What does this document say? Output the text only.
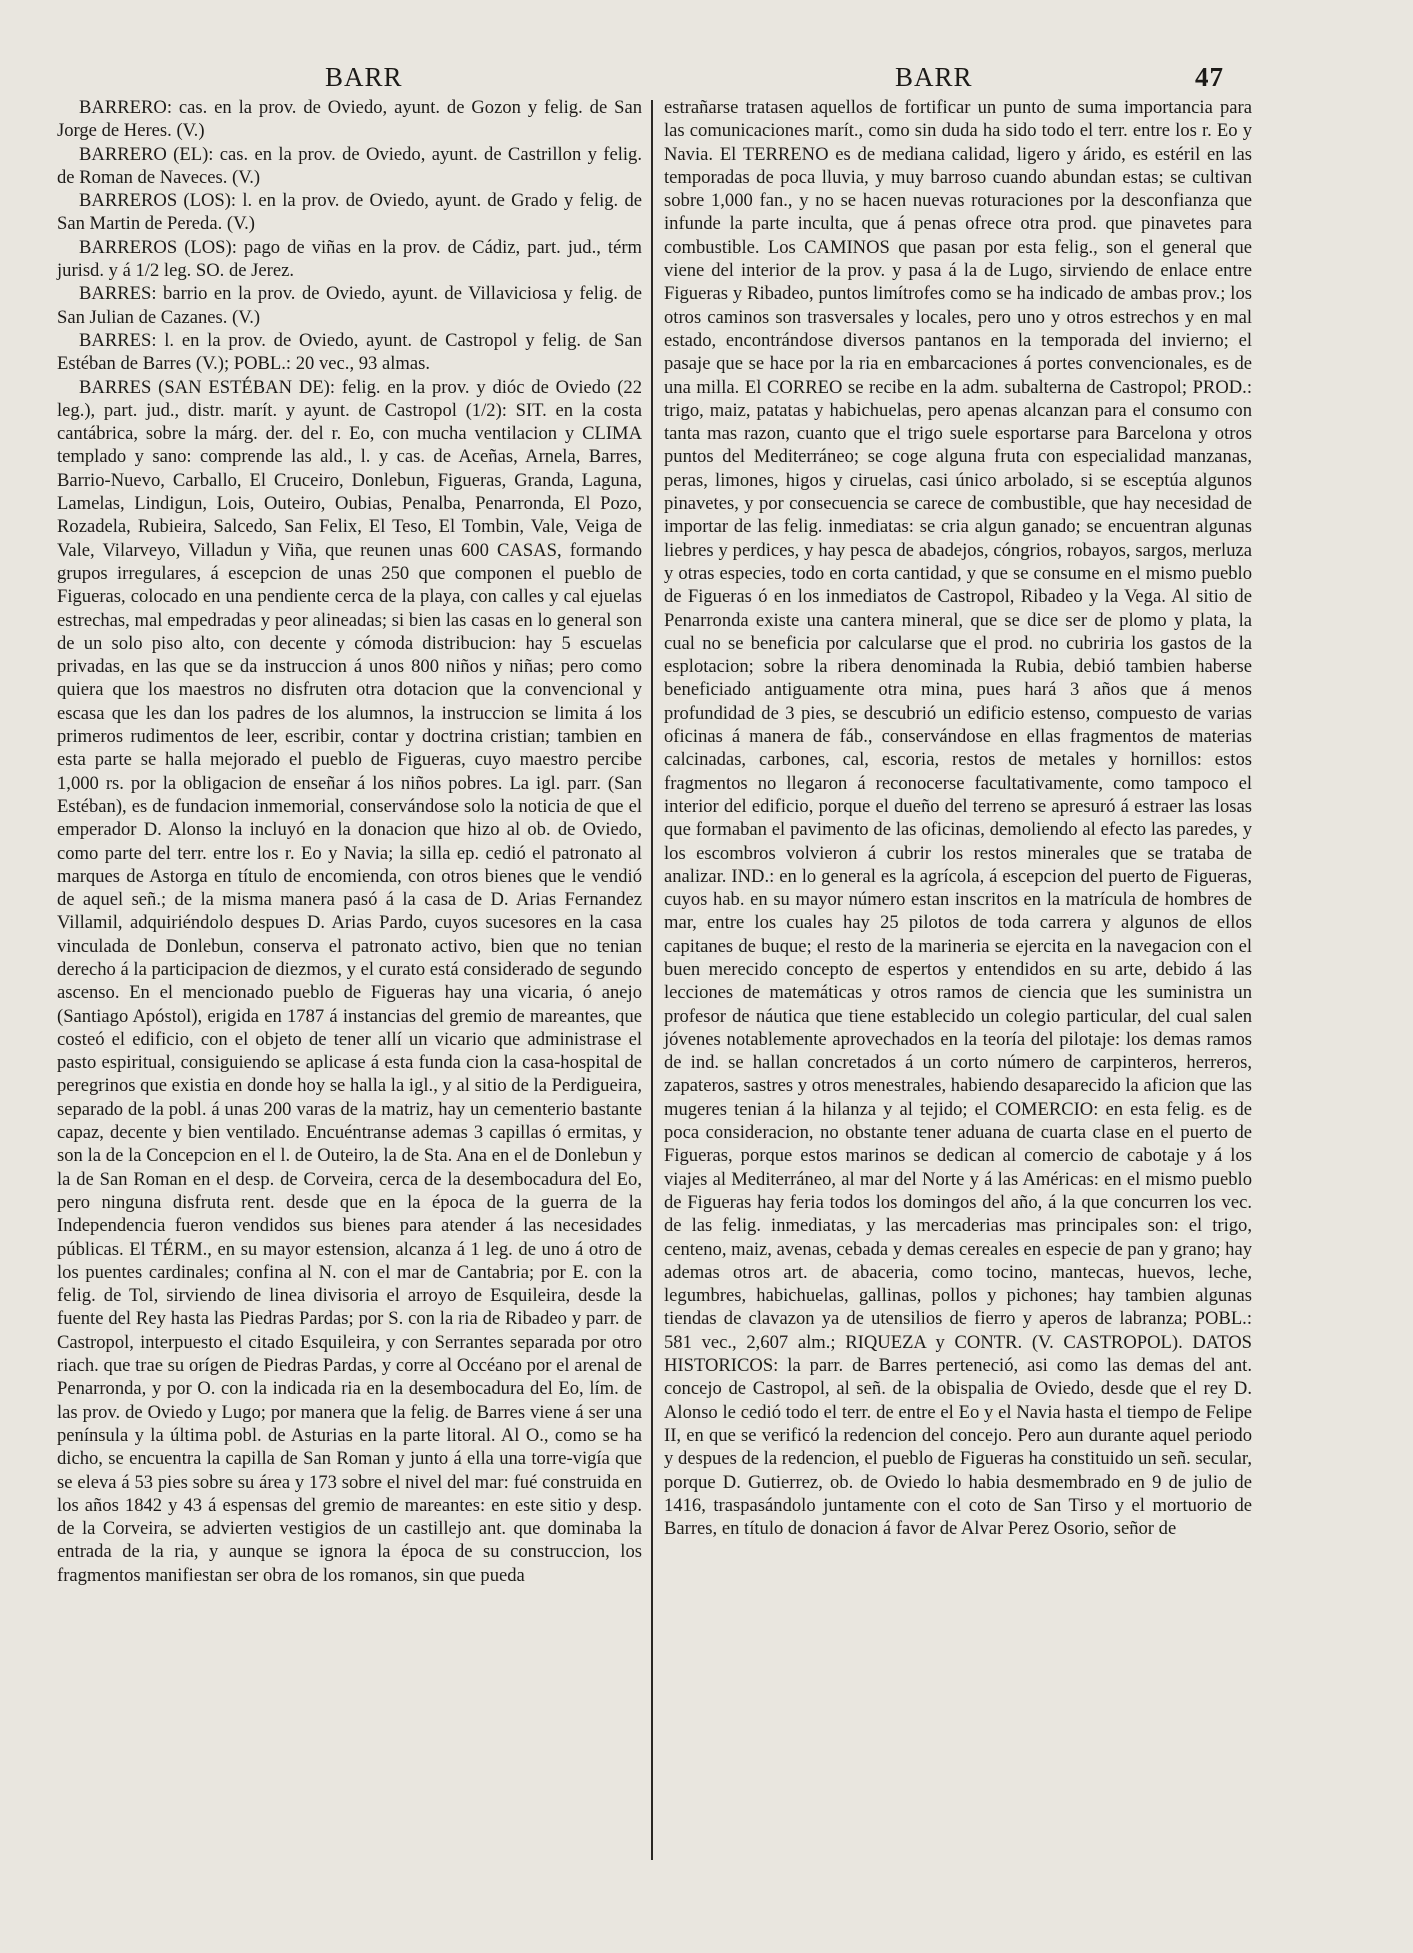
BARR	BARR	47

BARRERO: cas. en la prov. de Oviedo, ayunt. de Gozon y felig. de San Jorge de Heres. (V.)

BARRERO (EL): cas. en la prov. de Oviedo, ayunt. de Castrillon y felig. de Roman de Naveces. (V.)

BARREROS (LOS): l. en la prov. de Oviedo, ayunt. de Grado y felig. de San Martin de Pereda. (V.)

BARREROS (LOS): pago de viñas en la prov. de Cádiz, part. jud., térm jurisd. y á 1/2 leg. SO. de Jerez.

BARRES: barrio en la prov. de Oviedo, ayunt. de Villaviciosa y felig. de San Julian de Cazanes. (V.)

BARRES: l. en la prov. de Oviedo, ayunt. de Castropol y felig. de San Estéban de Barres (V.); POBL.: 20 vec., 93 almas.

BARRES (SAN ESTÉBAN DE): felig. en la prov. y dióc de Oviedo (22 leg.), part. jud., distr. marít. y ayunt. de Castropol (1/2): SIT. en la costa cantábrica, sobre la márg. der. del r. Eo, con mucha ventilacion y CLIMA templado y sano: comprende las ald., l. y cas. de Aceñas, Arnela, Barres, Barrio-Nuevo, Carballo, El Cruceiro, Donlebun, Figueras, Granda, Laguna, Lamelas, Lindigun, Lois, Outeiro, Oubias, Penalba, Penarronda, El Pozo, Rozadela, Rubieira, Salcedo, San Felix, El Teso, El Tombin, Vale, Veiga de Vale, Vilarveyo, Villadun y Viña, que reunen unas 600 CASAS, formando grupos irregulares, á escepcion de unas 250 que componen el pueblo de Figueras, colocado en una pendiente cerca de la playa, con calles y cal ejuelas estrechas, mal empedradas y peor alineadas; si bien las casas en lo general son de un solo piso alto, con decente y cómoda distribucion: hay 5 escuelas privadas, en las que se da instruccion á unos 800 niños y niñas; pero como quiera que los maestros no disfruten otra dotacion que la convencional y escasa que les dan los padres de los alumnos, la instruccion se limita á los primeros rudimentos de leer, escribir, contar y doctrina cristian; tambien en esta parte se halla mejorado el pueblo de Figueras, cuyo maestro percibe 1,000 rs. por la obligacion de enseñar á los niños pobres. La igl. parr. (San Estéban), es de fundacion inmemorial, conservándose solo la noticia de que el emperador D. Alonso la incluyó en la donacion que hizo al ob. de Oviedo, como parte del terr. entre los r. Eo y Navia; la silla ep. cedió el patronato al marques de Astorga en título de encomienda, con otros bienes que le vendió de aquel señ.; de la misma manera pasó á la casa de D. Arias Fernandez Villamil, adquiriéndolo despues D. Arias Pardo, cuyos sucesores en la casa vinculada de Donlebun, conserva el patronato activo, bien que no tenian derecho á la participacion de diezmos, y el curato está considerado de segundo ascenso. En el mencionado pueblo de Figueras hay una vicaria, ó anejo (Santiago Apóstol), erigida en 1787 á instancias del gremio de mareantes, que costeó el edificio, con el objeto de tener allí un vicario que administrase el pasto espiritual, consiguiendo se aplicase á esta funda cion la casa-hospital de peregrinos que existia en donde hoy se halla la igl., y al sitio de la Perdigueira, separado de la pobl. á unas 200 varas de la matriz, hay un cementerio bastante capaz, decente y bien ventilado. Encuéntranse ademas 3 capillas ó ermitas, y son la de la Concepcion en el l. de Outeiro, la de Sta. Ana en el de Donlebun y la de San Roman en el desp. de Corveira, cerca de la desembocadura del Eo, pero ninguna disfruta rent. desde que en la época de la guerra de la Independencia fueron vendidos sus bienes para atender á las necesidades públicas. El TÉRM., en su mayor estension, alcanza á 1 leg. de uno á otro de los puentes cardinales; confina al N. con el mar de Cantabria; por E. con la felig. de Tol, sirviendo de linea divisoria el arroyo de Esquileira, desde la fuente del Rey hasta las Piedras Pardas; por S. con la ria de Ribadeo y parr. de Castropol, interpuesto el citado Esquileira, y con Serrantes separada por otro riach. que trae su orígen de Piedras Pardas, y corre al Occéano por el arenal de Penarronda, y por O. con la indicada ria en la desembocadura del Eo, lím. de las prov. de Oviedo y Lugo; por manera que la felig. de Barres viene á ser una península y la última pobl. de Asturias en la parte litoral. Al O., como se ha dicho, se encuentra la capilla de San Roman y junto á ella una torre-vigía que se eleva á 53 pies sobre su área y 173 sobre el nivel del mar: fué construida en los años 1842 y 43 á espensas del gremio de mareantes: en este sitio y desp. de la Corveira, se advierten vestigios de un castillejo ant. que dominaba la entrada de la ria, y aunque se ignora la época de su construccion, los fragmentos manifiestan ser obra de los romanos, sin que pueda

estrañarse tratasen aquellos de fortificar un punto de suma importancia para las comunicaciones marít., como sin duda ha sido todo el terr. entre los r. Eo y Navia. El TERRENO es de mediana calidad, ligero y árido, es estéril en las temporadas de poca lluvia, y muy barroso cuando abundan estas; se cultivan sobre 1,000 fan., y no se hacen nuevas roturaciones por la desconfianza que infunde la parte inculta, que á penas ofrece otra prod. que pinavetes para combustible. Los CAMINOS que pasan por esta felig., son el general que viene del interior de la prov. y pasa á la de Lugo, sirviendo de enlace entre Figueras y Ribadeo, puntos limítrofes como se ha indicado de ambas prov.; los otros caminos son trasversales y locales, pero uno y otros estrechos y en mal estado, encontrándose diversos pantanos en la temporada del invierno; el pasaje que se hace por la ria en embarcaciones á portes convencionales, es de una milla. El CORREO se recibe en la adm. subalterna de Castropol; PROD.: trigo, maiz, patatas y habichuelas, pero apenas alcanzan para el consumo con tanta mas razon, cuanto que el trigo suele esportarse para Barcelona y otros puntos del Mediterráneo; se coge alguna fruta con especialidad manzanas, peras, limones, higos y ciruelas, casi único arbolado, si se esceptúa algunos pinavetes, y por consecuencia se carece de combustible, que hay necesidad de importar de las felig. inmediatas: se cria algun ganado; se encuentran algunas liebres y perdices, y hay pesca de abadejos, cóngrios, robayos, sargos, merluza y otras especies, todo en corta cantidad, y que se consume en el mismo pueblo de Figueras ó en los inmediatos de Castropol, Ribadeo y la Vega. Al sitio de Penarronda existe una cantera mineral, que se dice ser de plomo y plata, la cual no se beneficia por calcularse que el prod. no cubriria los gastos de la esplotacion; sobre la ribera denominada la Rubia, debió tambien haberse beneficiado antiguamente otra mina, pues hará 3 años que á menos profundidad de 3 pies, se descubrió un edificio estenso, compuesto de varias oficinas á manera de fáb., conservándose en ellas fragmentos de materias calcinadas, carbones, cal, escoria, restos de metales y hornillos: estos fragmentos no llegaron á reconocerse facultativamente, como tampoco el interior del edificio, porque el dueño del terreno se apresuró á estraer las losas que formaban el pavimento de las oficinas, demoliendo al efecto las paredes, y los escombros volvieron á cubrir los restos minerales que se trataba de analizar. IND.: en lo general es la agrícola, á escepcion del puerto de Figueras, cuyos hab. en su mayor número estan inscritos en la matrícula de hombres de mar, entre los cuales hay 25 pilotos de toda carrera y algunos de ellos capitanes de buque; el resto de la marineria se ejercita en la navegacion con el buen merecido concepto de espertos y entendidos en su arte, debido á las lecciones de matemáticas y otros ramos de ciencia que les suministra un profesor de náutica que tiene establecido un colegio particular, del cual salen jóvenes notablemente aprovechados en la teoría del pilotaje: los demas ramos de ind. se hallan concretados á un corto número de carpinteros, herreros, zapateros, sastres y otros menestrales, habiendo desaparecido la aficion que las mugeres tenian á la hilanza y al tejido; el COMERCIO: en esta felig. es de poca consideracion, no obstante tener aduana de cuarta clase en el puerto de Figueras, porque estos marinos se dedican al comercio de cabotaje y á los viajes al Mediterráneo, al mar del Norte y á las Américas: en el mismo pueblo de Figueras hay feria todos los domingos del año, á la que concurren los vec. de las felig. inmediatas, y las mercaderias mas principales son: el trigo, centeno, maiz, avenas, cebada y demas cereales en especie de pan y grano; hay ademas otros art. de abaceria, como tocino, mantecas, huevos, leche, legumbres, habichuelas, gallinas, pollos y pichones; hay tambien algunas tiendas de clavazon ya de utensilios de fierro y aperos de labranza; POBL.: 581 vec., 2,607 alm.; RIQUEZA y CONTR. (V. CASTROPOL). DATOS HISTORICOS: la parr. de Barres perteneció, asi como las demas del ant. concejo de Castropol, al señ. de la obispalia de Oviedo, desde que el rey D. Alonso le cedió todo el terr. de entre el Eo y el Navia hasta el tiempo de Felipe II, en que se verificó la redencion del concejo. Pero aun durante aquel periodo y despues de la redencion, el pueblo de Figueras ha constituido un señ. secular, porque D. Gutierrez, ob. de Oviedo lo habia desmembrado en 9 de julio de 1416, traspasándolo juntamente con el coto de San Tirso y el mortuorio de Barres, en título de donacion á favor de Alvar Perez Osorio, señor de
